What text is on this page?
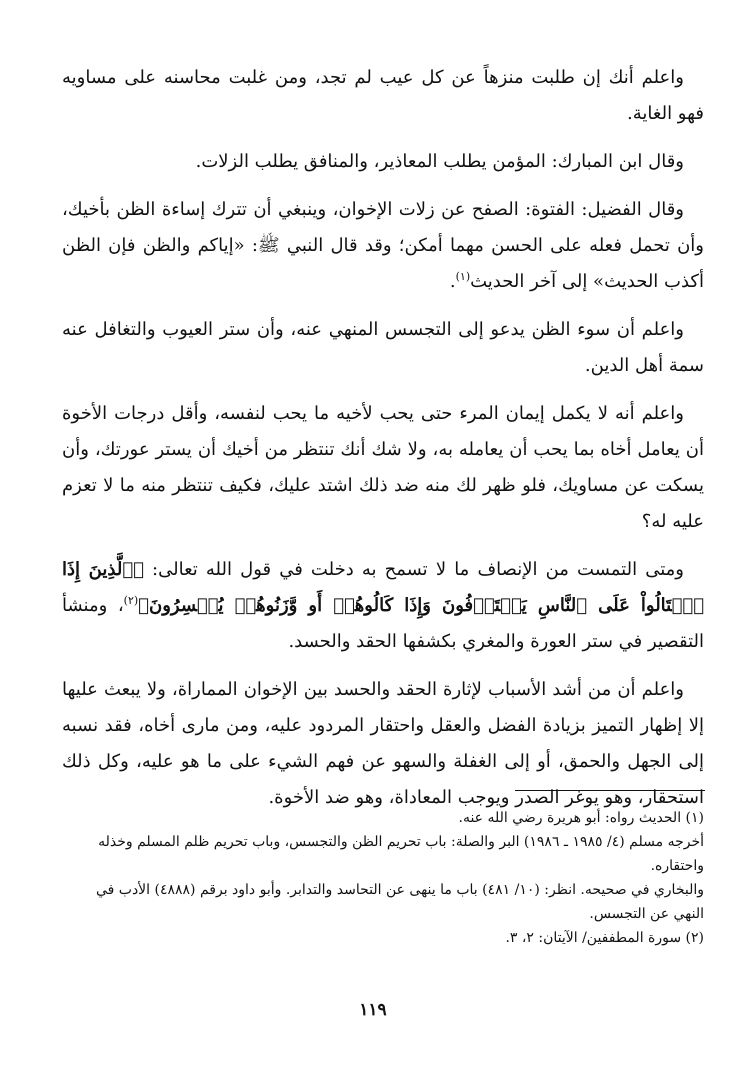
واعلم أنك إن طلبت منزهاً عن كل عيب لم تجد، ومن غلبت محاسنه على مساويه فهو الغاية.

وقال ابن المبارك: المؤمن يطلب المعاذير، والمنافق يطلب الزلات.

وقال الفضيل: الفتوة: الصفح عن زلات الإخوان، وينبغي أن تترك إساءة الظن بأخيك، وأن تحمل فعله على الحسن مهما أمكن؛ وقد قال النبي ﷺ: «إياكم والظن فإن الظن أكذب الحديث» إلى آخر الحديث$^{(١)}$.

واعلم أن سوء الظن يدعو إلى التجسس المنهي عنه، وأن ستر العيوب والتغافل عنه سمة أهل الدين.

واعلم أنه لا يكمل إيمان المرء حتى يحب لأخيه ما يحب لنفسه، وأقل درجات الأخوة أن يعامل أخاه بما يحب أن يعامله به، ولا شك أنك تنتظر من أخيك أن يستر عورتك، وأن يسكت عن مساويك، فلو ظهر لك منه ضد ذلك اشتد عليك، فكيف تنتظر منه ما لا تعزم عليه له؟

ومتى التمست من الإنصاف ما لا تسمح به دخلت في قول الله تعالى: ﴿ٱلَّذِينَ إِذَا ٱكۡتَالُواْ عَلَى ٱلنَّاسِ يَسۡتَوۡفُونَ وَإِذَا كَالُوهُمۡ أَو وَّزَنُوهُمۡ يُخۡسِرُونَ﴾$^{(٢)}$، ومنشأ التقصير في ستر العورة والمغري بكشفها الحقد والحسد.

واعلم أن من أشد الأسباب لإثارة الحقد والحسد بين الإخوان المماراة، ولا يبعث عليها إلا إظهار التميز بزيادة الفضل والعقل واحتقار المردود عليه، ومن مارى أخاه، فقد نسبه إلى الجهل والحمق، أو إلى الغفلة والسهو عن فهم الشيء على ما هو عليه، وكل ذلك استحقار، وهو يوغر الصدر ويوجب المعاداة، وهو ضد الأخوة.

(١) الحديث رواه: أبو هريرة رضي الله عنه.

أخرجه مسلم (٤/ ١٩٨٥ ـ ١٩٨٦) البر والصلة: باب تحريم الظن والتجسس، وباب تحريم ظلم المسلم وخذله واحتقاره.

والبخاري في صحيحه. انظر: (١٠/ ٤٨١) باب ما ينهى عن التحاسد والتدابر. وأبو داود برقم (٤٨٨٨) الأدب في النهي عن التجسس.

(٢) سورة المطففين/ الآيتان: ٢، ٣.

١١٩
